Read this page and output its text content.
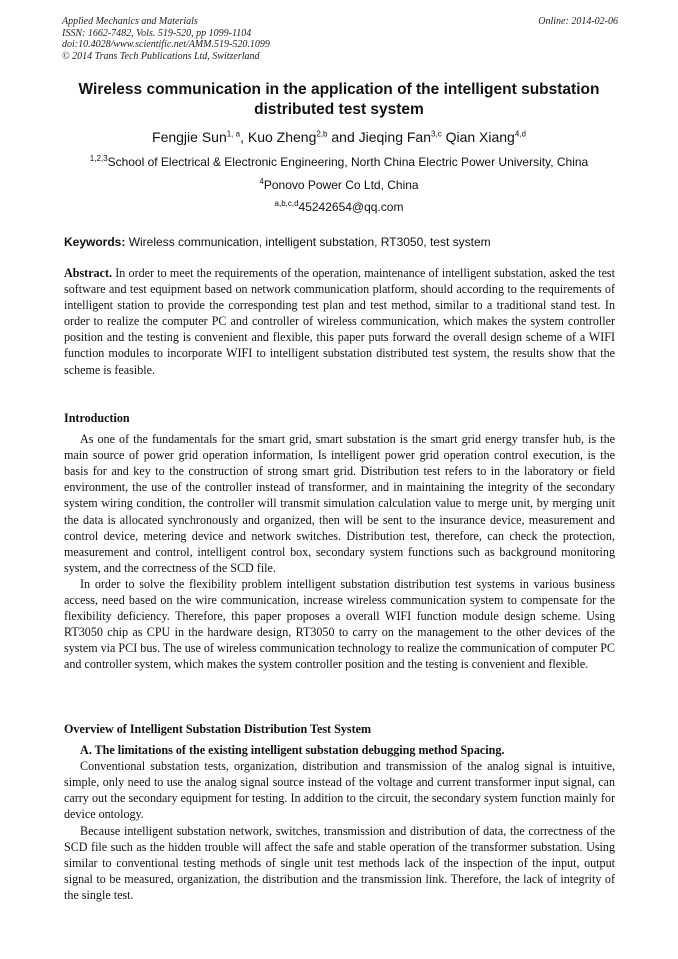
Applied Mechanics and Materials
ISSN: 1662-7482, Vols. 519-520, pp 1099-1104
doi:10.4028/www.scientific.net/AMM.519-520.1099
© 2014 Trans Tech Publications Ltd, Switzerland
Online: 2014-02-06
Wireless communication in the application of the intelligent substation distributed test system
Fengjie Sun$^{1, a}$, Kuo Zheng$^{2,b}$ and Jieqing Fan$^{3,c}$ Qian Xiang$^{4,d}$
$^{1,2,3}$School of Electrical & Electronic Engineering, North China Electric Power University, China
$^4$Ponovo Power Co Ltd, China
$^{a,b,c,d}$45242654@qq.com
Keywords: Wireless communication, intelligent substation, RT3050, test system

Abstract. In order to meet the requirements of the operation, maintenance of intelligent substation, asked the test software and test equipment based on network communication platform, should according to the requirements of intelligent station to provide the corresponding test plan and test method, similar to a traditional stand test. In order to realize the computer PC and controller of wireless communication, which makes the system controller position and the testing is convenient and flexible, this paper puts forward the overall design scheme of a WIFI function modules to incorporate WIFI to intelligent substation distributed test system, the results show that the scheme is feasible.

Introduction

As one of the fundamentals for the smart grid, smart substation is the smart grid energy transfer hub, is the main source of power grid operation information, Is intelligent power grid operation control execution, is the basis for and key to the construction of strong smart grid. Distribution test refers to in the laboratory or field environment, the use of the controller instead of transformer, and in maintaining the integrity of the secondary system wiring condition, the controller will transmit simulation calculation value to merge unit, by merging unit the data is allocated synchronously and organized, then will be sent to the insurance device, measurement and control device, metering device and network switches. Distribution test, therefore, can check the protection, measurement and control, intelligent control box, secondary system functions such as background monitoring system, and the correctness of the SCD file.

In order to solve the flexibility problem intelligent substation distribution test systems in various business access, need based on the wire communication, increase wireless communication system to compensate for the flexibility deficiency. Therefore, this paper proposes a overall WIFI function module design scheme. Using RT3050 chip as CPU in the hardware design, RT3050 to carry on the management to the other devices of the system via PCI bus. The use of wireless communication technology to realize the communication of computer PC and controller system, which makes the system controller position and the testing is convenient and flexible.

Overview of Intelligent Substation Distribution Test System

A. The limitations of the existing intelligent substation debugging method Spacing.

Conventional substation tests, organization, distribution and transmission of the analog signal is intuitive, simple, only need to use the analog signal source instead of the voltage and current transformer input signal, can carry out the secondary equipment for testing. In addition to the circuit, the secondary system function mainly for device ontology.

Because intelligent substation network, switches, transmission and distribution of data, the correctness of the SCD file such as the hidden trouble will affect the safe and stable operation of the transformer substation. Using similar to conventional testing methods of single unit test methods lack of the inspection of the input, output signal to be measured, organization, the distribution and the transmission link. Therefore, the lack of integrity of the single test.
